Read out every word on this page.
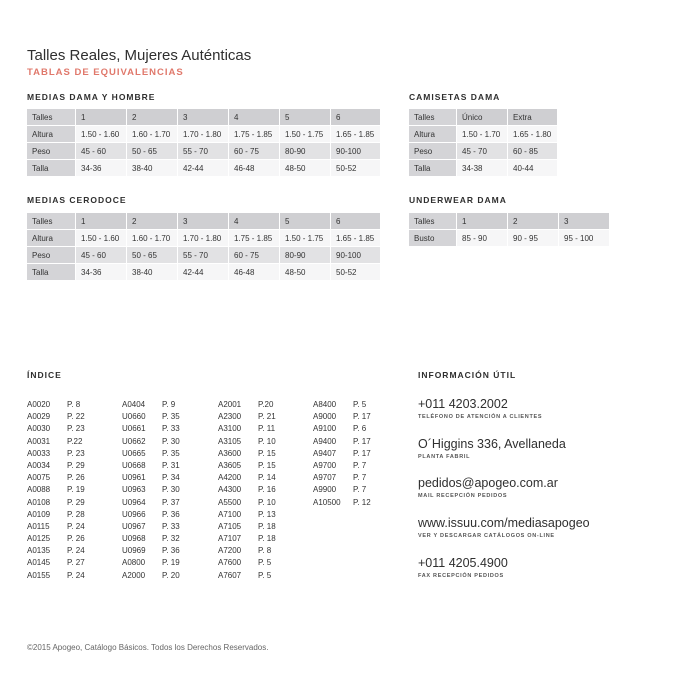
Talles Reales, Mujeres Auténticas
TABLAS DE EQUIVALENCIAS
MEDIAS DAMA Y HOMBRE
Talles	1	2	3	4	5	6
Altura	1.50 - 1.60	1.60 - 1.70	1.70 - 1.80	1.75 - 1.85	1.50 - 1.75	1.65 - 1.85
Peso	45 - 60	50 - 65	55 - 70	60 - 75	80-90	90-100
Talla	34-36	38-40	42-44	46-48	48-50	50-52
MEDIAS CERODOCE
Talles	1	2	3	4	5	6
Altura	1.50 - 1.60	1.60 - 1.70	1.70 - 1.80	1.75 - 1.85	1.50 - 1.75	1.65 - 1.85
Peso	45 - 60	50 - 65	55 - 70	60 - 75	80-90	90-100
Talla	34-36	38-40	42-44	46-48	48-50	50-52
CAMISETAS DAMA
Talles	Único	Extra
Altura	1.50 - 1.70	1.65 - 1.80
Peso	45 - 70	60 - 85
Talla	34-38	40-44
UNDERWEAR DAMA
Talles	1	2	3
Busto	85 - 90	90 - 95	95 - 100
ÍNDICE
A0020 P. 8
A0029 P. 22
A0030 P. 23
A0031 P.22
A0033 P. 23
A0034 P. 29
A0075 P. 26
A0088 P. 19
A0108 P. 29
A0109 P. 28
A0115 P. 24
A0125 P. 26
A0135 P. 24
A0145 P. 27
A0155 P. 24
A0404 P. 9
U0660 P. 35
U0661 P. 33
U0662 P. 30
U0665 P. 35
U0668 P. 31
U0961 P. 34
U0963 P. 30
U0964 P. 37
U0966 P. 36
U0967 P. 33
U0968 P. 32
U0969 P. 36
A0800 P. 19
A2000 P. 20
A2001 P.20
A2300 P. 21
A3100 P. 11
A3105 P. 10
A3600 P. 15
A3605 P. 15
A4200 P. 14
A4300 P. 16
A5500 P. 10
A7100 P. 13
A7105 P. 18
A7107 P. 18
A7200 P. 8
A7600 P. 5
A7607 P. 5
A8400 P. 5
A9000 P. 17
A9100 P. 6
A9400 P. 17
A9407 P. 17
A9700 P. 7
A9707 P. 7
A9900 P. 7
A10500 P. 12
INFORMACIÓN ÚTIL
+011 4203.2002
TELÉFONO DE ATENCIÓN A CLIENTES
O´Higgins 336, Avellaneda
PLANTA FABRIL
pedidos@apogeo.com.ar
MAIL RECEPCIÓN PEDIDOS
www.issuu.com/mediasapogeo
VER Y DESCARGAR CATÁLOGOS ON-LINE
+011 4205.4900
FAX RECEPCIÓN PEDIDOS
©2015 Apogeo, Catálogo Básicos. Todos los Derechos Reservados.
